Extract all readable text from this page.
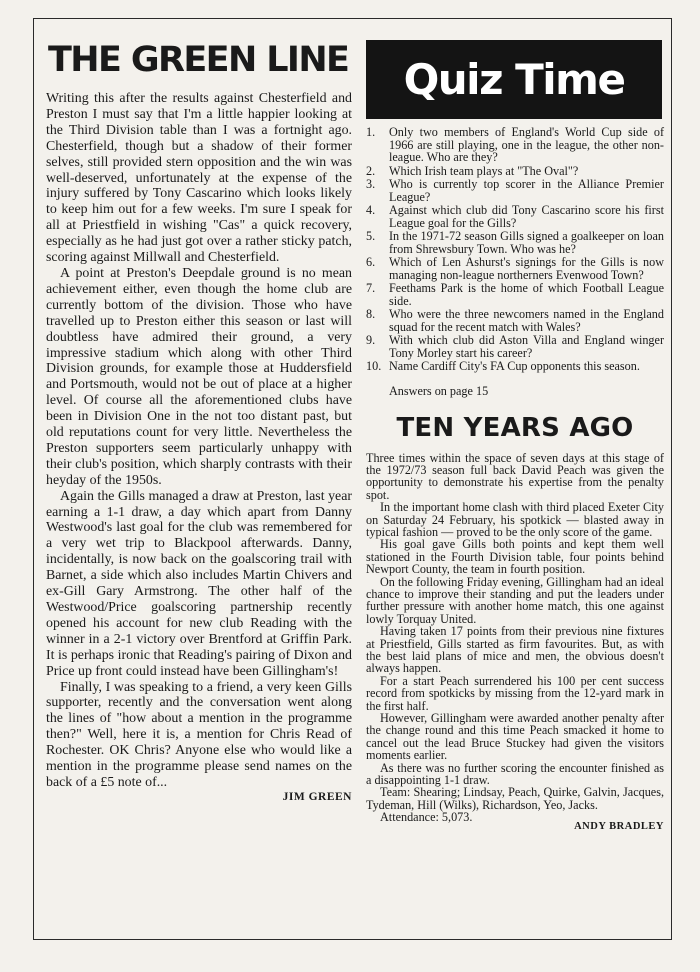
THE GREEN LINE

Writing this after the results against Chesterfield and Preston I must say that I'm a little happier looking at the Third Division table than I was a fortnight ago. Chesterfield, though but a shadow of their former selves, still provided stern opposition and the win was well-deserved, unfortunately at the expense of the injury suffered by Tony Cascarino which looks likely to keep him out for a few weeks. I'm sure I speak for all at Priestfield in wishing "Cas" a quick recovery, especially as he had just got over a rather sticky patch, scoring against Millwall and Chesterfield.

A point at Preston's Deepdale ground is no mean achievement either, even though the home club are currently bottom of the division. Those who have travelled up to Preston either this season or last will doubtless have admired their ground, a very impressive stadium which along with other Third Division grounds, for example those at Huddersfield and Portsmouth, would not be out of place at a higher level. Of course all the aforementioned clubs have been in Division One in the not too distant past, but old reputations count for very little. Nevertheless the Preston supporters seem particularly unhappy with their club's position, which sharply contrasts with their heyday of the 1950s.

Again the Gills managed a draw at Preston, last year earning a 1-1 draw, a day which apart from Danny Westwood's last goal for the club was remembered for a very wet trip to Blackpool afterwards. Danny, incidentally, is now back on the goalscoring trail with Barnet, a side which also includes Martin Chivers and ex-Gill Gary Armstrong. The other half of the Westwood/Price goalscoring partnership recently opened his account for new club Reading with the winner in a 2-1 victory over Brentford at Griffin Park. It is perhaps ironic that Reading's pairing of Dixon and Price up front could instead have been Gillingham's!

Finally, I was speaking to a friend, a very keen Gills supporter, recently and the conversation went along the lines of "how about a mention in the programme then?" Well, here it is, a mention for Chris Read of Rochester. OK Chris? Anyone else who would like a mention in the programme please send names on the back of a £5 note of...

JIM GREEN
Quiz Time
1.	Only two members of England's World Cup side of 1966 are still playing, one in the league, the other non-league. Who are they?
2.	Which Irish team plays at "The Oval"?
3.	Who is currently top scorer in the Alliance Premier League?
4.	Against which club did Tony Cascarino score his first League goal for the Gills?
5.	In the 1971-72 season Gills signed a goalkeeper on loan from Shrewsbury Town. Who was he?
6.	Which of Len Ashurst's signings for the Gills is now managing non-league northerners Evenwood Town?
7.	Feethams Park is the home of which Football League side.
8.	Who were the three newcomers named in the England squad for the recent match with Wales?
9.	With which club did Aston Villa and England winger Tony Morley start his career?
10. Name Cardiff City's FA Cup opponents this season.
Answers on page 15
TEN YEARS AGO

Three times within the space of seven days at this stage of the 1972/73 season full back David Peach was given the opportunity to demonstrate his expertise from the penalty spot.

In the important home clash with third placed Exeter City on Saturday 24 February, his spotkick — blasted away in typical fashion — proved to be the only score of the game.

His goal gave Gills both points and kept them well stationed in the Fourth Division table, four points behind Newport County, the team in fourth position.

On the following Friday evening, Gillingham had an ideal chance to improve their standing and put the leaders under further pressure with another home match, this one against lowly Torquay United.

Having taken 17 points from their previous nine fixtures at Priestfield, Gills started as firm favourites. But, as with the best laid plans of mice and men, the obvious doesn't always happen.

For a start Peach surrendered his 100 per cent success record from spotkicks by missing from the 12-yard mark in the first half.

However, Gillingham were awarded another penalty after the change round and this time Peach smacked it home to cancel out the lead Bruce Stuckey had given the visitors moments earlier.

As there was no further scoring the encounter finished as a disappointing 1-1 draw.

Team: Shearing; Lindsay, Peach, Quirke, Galvin, Jacques, Tydeman, Hill (Wilks), Richardson, Yeo, Jacks.

Attendance: 5,073.

ANDY BRADLEY
